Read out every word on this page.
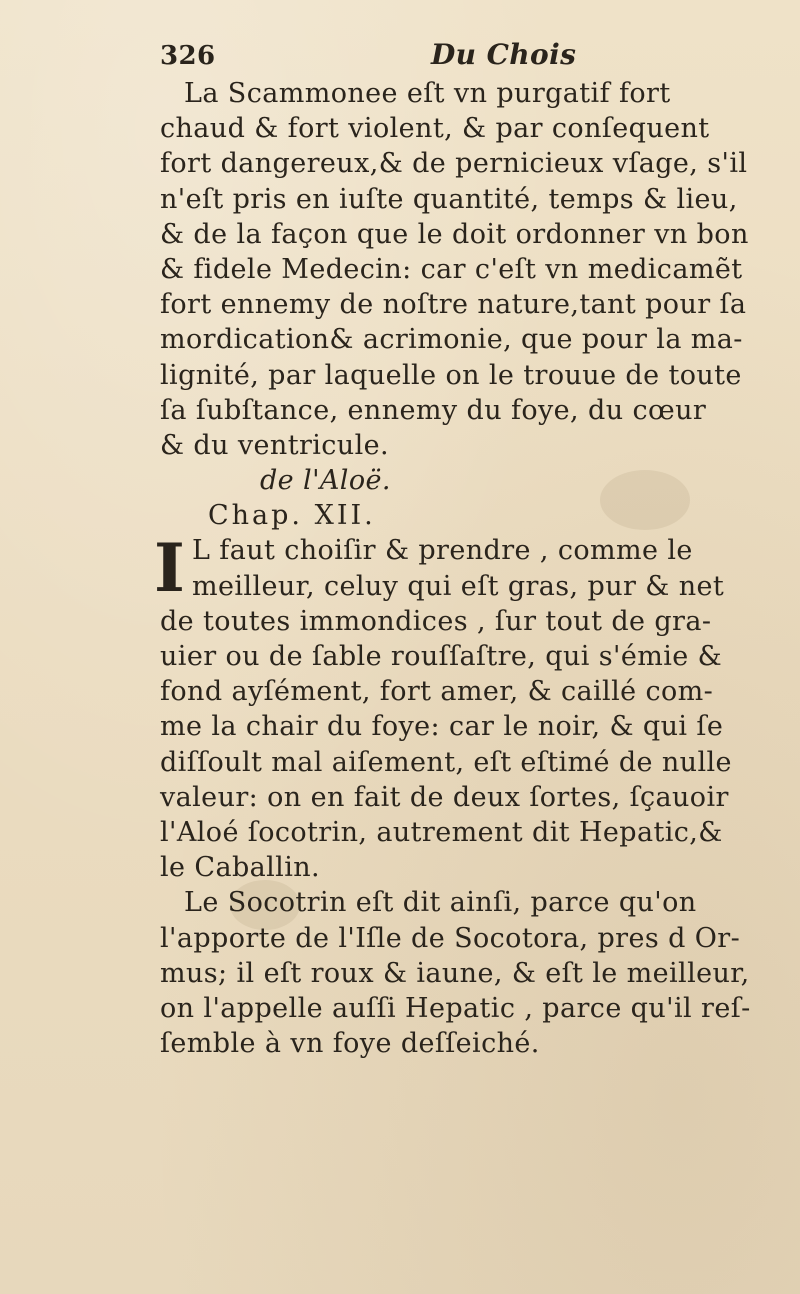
326	Du Chois
La Scammonee eſt vn purgatif fort
chaud & fort violent, & par conſequent
fort dangereux,& de pernicieux vſage, s'il
n'eſt pris en iuſte quantité, temps & lieu,
& de la façon que le doit ordonner vn bon
& fidele Medecin: car c'eſt vn medicamẽt
fort ennemy de noſtre nature,tant pour ſa
mordication& acrimonie, que pour la ma-
lignité, par laquelle on le trouue de toute
ſa ſubſtance, ennemy du foye, du cœur
& du ventricule.
de l'Aloë.
Chap. XII.
I L faut choiſir & prendre , comme le
meilleur, celuy qui eſt gras, pur & net
de toutes immondices , ſur tout de gra-
uier ou de ſable rouſſaſtre, qui s'émie &
fond ayſément, fort amer, & caillé com-
me la chair du foye: car le noir, & qui ſe
diſſoult mal aiſement, eſt eſtimé de nulle
valeur: on en fait de deux ſortes, ſçauoir
l'Aloé ſocotrin, autrement dit Hepatic,&
le Caballin.
Le Socotrin eſt dit ainſi, parce qu'on
l'apporte de l'Iſle de Socotora, pres d Or-
mus; il eſt roux & iaune, & eſt le meilleur,
on l'appelle auſſi Hepatic , parce qu'il reſ-
ſemble à vn foye deſſeiché.
